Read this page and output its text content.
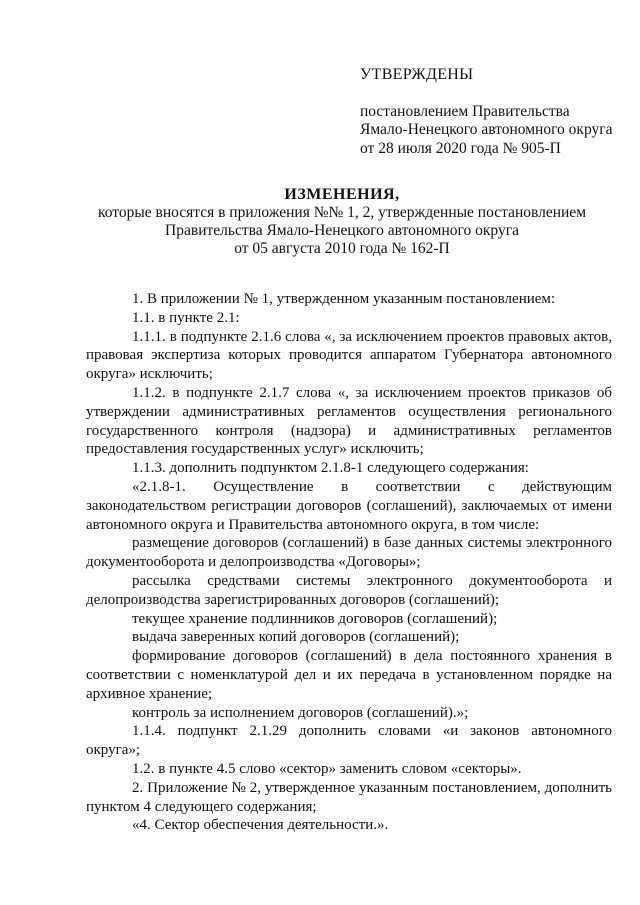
УТВЕРЖДЕНЫ
постановлением Правительства
Ямало-Ненецкого автономного округа
от 28 июля 2020 года № 905-П
ИЗМЕНЕНИЯ,
которые вносятся в приложения №№ 1, 2, утвержденные постановлением
Правительства Ямало-Ненецкого автономного округа
от 05 августа 2010 года № 162-П

1. В приложении № 1, утвержденном указанным постановлением:

1.1. в пункте 2.1:

1.1.1. в подпункте 2.1.6 слова «, за исключением проектов правовых актов, правовая экспертиза которых проводится аппаратом Губернатора автономного округа» исключить;

1.1.2. в подпункте 2.1.7 слова «, за исключением проектов приказов об утверждении административных регламентов осуществления регионального государственного контроля (надзора) и административных регламентов предоставления государственных услуг» исключить;

1.1.3. дополнить подпунктом 2.1.8-1 следующего содержания:

«2.1.8-1. Осуществление в соответствии с действующим законодательством регистрации договоров (соглашений), заключаемых от имени автономного округа и Правительства автономного округа, в том числе:

размещение договоров (соглашений) в базе данных системы электронного документооборота и делопроизводства «Договоры»;

рассылка средствами системы электронного документооборота и делопроизводства зарегистрированных договоров (соглашений);

текущее хранение подлинников договоров (соглашений);

выдача заверенных копий договоров (соглашений);

формирование договоров (соглашений) в дела постоянного хранения в соответствии с номенклатурой дел и их передача в установленном порядке на архивное хранение;

контроль за исполнением договоров (соглашений).»;

1.1.4. подпункт 2.1.29 дополнить словами «и законов автономного округа»;

1.2. в пункте 4.5 слово «сектор» заменить словом «секторы».

2. Приложение № 2, утвержденное указанным постановлением, дополнить пунктом 4 следующего содержания;

«4. Сектор обеспечения деятельности.».
